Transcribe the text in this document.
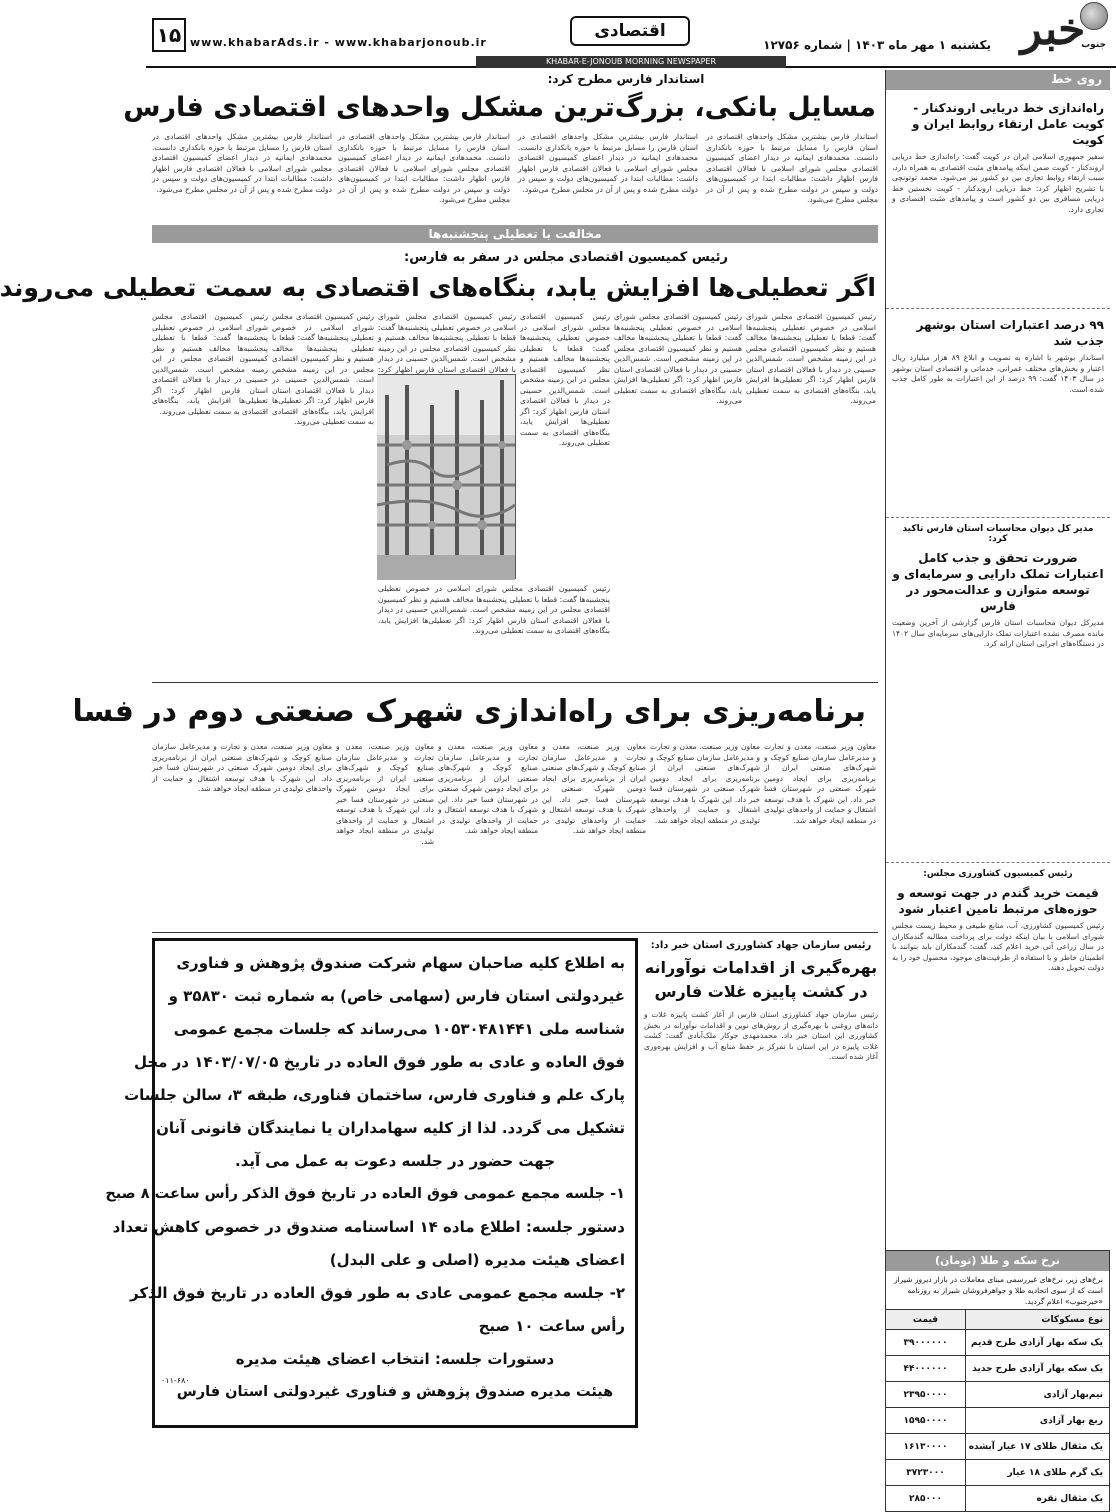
خبر
جنوب
یکشنبه ۱ مهر ماه ۱۴۰۳ | شماره ۱۲۷۵۶
اقتصادی
www.khabarAds.ir - www.khabarjonoub.ir
۱۵
KHABAR-E-JONOUB MORNING NEWSPAPER
روی خط
راه‌اندازی خط دریایی اروندکنار - کویت عامل ارتقاء روابط ایران و کویت
سفیر جمهوری اسلامی ایران در کویت گفت: راه‌اندازی خط دریایی اروندکنار - کویت ضمن اینکه پیامدهای مثبت اقتصادی به همراه دارد، سبب ارتقاء روابط تجاری بین دو کشور نیز می‌شود. محمد توتونچی با تشریح اظهار کرد: خط دریایی اروندکنار - کویت نخستین خط دریایی مسافری بین دو کشور است و پیامدهای مثبت اقتصادی و تجاری دارد.
۹۹ درصد اعتبارات استان بوشهر جذب شد
استاندار بوشهر با اشاره به تصویب و ابلاغ ۸۹ هزار میلیارد ریال اعتبار و بخش‌های مختلف عمرانی، خدماتی و اقتصادی استان بوشهر در سال ۱۴۰۳ گفت: ۹۹ درصد از این اعتبارات به طور کامل جذب شده است.
مدیر کل دیوان محاسبات استان فارس تاکید کرد:
ضرورت تحقق و جذب کامل اعتبارات تملک دارایی و سرمایه‌ای و توسعه متوازن و عدالت‌محور در فارس
مدیرکل دیوان محاسبات استان فارس گزارشی از آخرین وضعیت مانده مصرف نشده اعتبارات تملک دارایی‌های سرمایه‌ای سال ۱۴۰۲ در دستگاه‌های اجرایی استان ارائه کرد.
رئیس کمیسیون کشاورزی مجلس:
قیمت خرید گندم در جهت توسعه و حوزه‌های مرتبط تامین اعتبار شود
رئیس کمیسیون کشاورزی، آب، منابع طبیعی و محیط زیست مجلس شورای اسلامی با بیان اینکه دولت برای پرداخت مطالبه گندمکاران در سال زراعی آتی خرید اعلام کند، گفت: گندمکاران باید بتوانند با اطمینان خاطر و با استفاده از ظرفیت‌های موجود، محصول خود را به دولت تحویل دهند.
نرخ سکه و طلا (تومان)
نرخ‌های زیر، نرخ‌های غیررسمی مبنای معاملات در بازار دیروز شیراز است که از سوی اتحادیه طلا و جواهرفروشان شیراز به روزنامه «خبرجنوب» اعلام گردید.
نوع مسکوکات
قیمت
یک سکه بهار آزادی طرح قدیم
۳۹۰۰۰۰۰۰
یک سکه بهار آزادی طرح جدید
۴۴۰۰۰۰۰۰
نیم‌بهار آزادی
۲۳۹۵۰۰۰۰
ربع بهار آزادی
۱۵۹۵۰۰۰۰
یک مثقال طلای ۱۷ عیار آبشده
۱۶۱۳۰۰۰۰
یک گرم طلای ۱۸ عیار
۳۷۲۳۰۰۰
یک مثقال نقره
۲۸۵۰۰۰
استاندار فارس مطرح کرد:
مسایل بانکی، بزرگ‌ترین مشکل واحدهای اقتصادی فارس
استاندار فارس بیشترین مشکل واحدهای اقتصادی در استان فارس را مسایل مرتبط با حوزه بانکداری دانست. محمدهادی ایمانیه در دیدار اعضای کمیسیون اقتصادی مجلس شورای اسلامی با فعالان اقتصادی فارس اظهار داشت: مطالبات ابتدا در کمیسیون‌های دولت و سپس در دولت مطرح شده و پس از آن در مجلس مطرح می‌شود.
استاندار فارس بیشترین مشکل واحدهای اقتصادی در استان فارس را مسایل مرتبط با حوزه بانکداری دانست. محمدهادی ایمانیه در دیدار اعضای کمیسیون اقتصادی مجلس شورای اسلامی با فعالان اقتصادی فارس اظهار داشت: مطالبات ابتدا در کمیسیون‌های دولت و سپس در دولت مطرح شده و پس از آن در مجلس مطرح می‌شود.
استاندار فارس بیشترین مشکل واحدهای اقتصادی در استان فارس را مسایل مرتبط با حوزه بانکداری دانست. محمدهادی ایمانیه در دیدار اعضای کمیسیون اقتصادی مجلس شورای اسلامی با فعالان اقتصادی فارس اظهار داشت: مطالبات ابتدا در کمیسیون‌های دولت و سپس در دولت مطرح شده و پس از آن در مجلس مطرح می‌شود.
استاندار فارس بیشترین مشکل واحدهای اقتصادی در استان فارس را مسایل مرتبط با حوزه بانکداری دانست. محمدهادی ایمانیه در دیدار اعضای کمیسیون اقتصادی مجلس شورای اسلامی با فعالان اقتصادی فارس اظهار داشت: مطالبات ابتدا در کمیسیون‌های دولت و سپس در دولت مطرح شده و پس از آن در مجلس مطرح می‌شود.
مخالفت با تعطیلی پنجشنبه‌ها
رئیس کمیسیون اقتصادی مجلس در سفر به فارس:
اگر تعطیلی‌ها افزایش یابد، بنگاه‌های اقتصادی به سمت تعطیلی می‌روند
رئیس کمیسیون اقتصادی مجلس شورای اسلامی در خصوص تعطیلی پنجشنبه‌ها گفت: قطعا با تعطیلی پنجشنبه‌ها مخالف هستیم و نظر کمیسیون اقتصادی مجلس در این زمینه مشخص است. شمس‌الدین حسینی در دیدار با فعالان اقتصادی استان فارس اظهار کرد: اگر تعطیلی‌ها افزایش یابد، بنگاه‌های اقتصادی به سمت تعطیلی می‌روند.
رئیس کمیسیون اقتصادی مجلس شورای اسلامی در خصوص تعطیلی پنجشنبه‌ها گفت: قطعا با تعطیلی پنجشنبه‌ها مخالف هستیم و نظر کمیسیون اقتصادی مجلس در این زمینه مشخص است. شمس‌الدین حسینی در دیدار با فعالان اقتصادی استان فارس اظهار کرد: اگر تعطیلی‌ها افزایش یابد، بنگاه‌های اقتصادی به سمت تعطیلی می‌روند.
رئیس کمیسیون اقتصادی مجلس شورای اسلامی در خصوص تعطیلی پنجشنبه‌ها گفت: قطعا با تعطیلی پنجشنبه‌ها مخالف هستیم و نظر کمیسیون اقتصادی مجلس در این زمینه مشخص است. شمس‌الدین حسینی در دیدار با فعالان اقتصادی استان فارس اظهار کرد: اگر تعطیلی‌ها افزایش یابد، بنگاه‌های اقتصادی به سمت تعطیلی می‌روند.
رئیس کمیسیون اقتصادی مجلس شورای اسلامی در خصوص تعطیلی پنجشنبه‌ها گفت: قطعا با تعطیلی پنجشنبه‌ها مخالف هستیم و نظر کمیسیون اقتصادی مجلس در این زمینه مشخص است. شمس‌الدین حسینی در دیدار با فعالان اقتصادی استان فارس اظهار کرد:
رئیس کمیسیون اقتصادی مجلس شورای اسلامی در خصوص تعطیلی پنجشنبه‌ها گفت: قطعا با تعطیلی پنجشنبه‌ها مخالف هستیم و نظر کمیسیون اقتصادی مجلس در این زمینه مشخص است. شمس‌الدین حسینی در دیدار با فعالان اقتصادی استان فارس اظهار کرد: اگر تعطیلی‌ها افزایش یابد، بنگاه‌های اقتصادی به سمت تعطیلی می‌روند.
رئیس کمیسیون اقتصادی مجلس شورای اسلامی در خصوص تعطیلی پنجشنبه‌ها گفت: قطعا با تعطیلی پنجشنبه‌ها مخالف هستیم و نظر کمیسیون اقتصادی مجلس در این زمینه مشخص است. شمس‌الدین حسینی در دیدار با فعالان اقتصادی استان فارس اظهار کرد: اگر تعطیلی‌ها افزایش یابد، بنگاه‌های اقتصادی به سمت تعطیلی می‌روند.
رئیس کمیسیون اقتصادی مجلس شورای اسلامی در خصوص تعطیلی پنجشنبه‌ها گفت: قطعا با تعطیلی پنجشنبه‌ها مخالف هستیم و نظر کمیسیون اقتصادی مجلس در این زمینه مشخص است. شمس‌الدین حسینی در دیدار با فعالان اقتصادی استان فارس اظهار کرد: اگر تعطیلی‌ها افزایش یابد، بنگاه‌های اقتصادی به سمت تعطیلی می‌روند.
برنامه‌ریزی برای راه‌اندازی شهرک صنعتی دوم در فسا
معاون وزیر صنعت، معدن و تجارت و مدیرعامل سازمان صنایع کوچک و شهرک‌های صنعتی ایران از برنامه‌ریزی برای ایجاد دومین شهرک صنعتی در شهرستان فسا خبر داد. این شهرک با هدف توسعه اشتغال و حمایت از واحدهای تولیدی در منطقه ایجاد خواهد شد.
معاون وزیر صنعت، معدن و تجارت و مدیرعامل سازمان صنایع کوچک و شهرک‌های صنعتی ایران از برنامه‌ریزی برای ایجاد دومین شهرک صنعتی در شهرستان فسا خبر داد. این شهرک با هدف توسعه اشتغال و حمایت از واحدهای تولیدی در منطقه ایجاد خواهد شد.
معاون وزیر صنعت، معدن و تجارت و مدیرعامل سازمان صنایع کوچک و شهرک‌های صنعتی ایران از برنامه‌ریزی برای ایجاد دومین شهرک صنعتی در شهرستان فسا خبر داد. این شهرک با هدف توسعه اشتغال و حمایت از واحدهای تولیدی در منطقه ایجاد خواهد شد.
معاون وزیر صنعت، معدن و تجارت و مدیرعامل سازمان صنایع کوچک و شهرک‌های صنعتی ایران از برنامه‌ریزی برای ایجاد دومین شهرک صنعتی در شهرستان فسا خبر داد. این شهرک با هدف توسعه اشتغال و حمایت از واحدهای تولیدی در منطقه ایجاد خواهد شد.
معاون وزیر صنعت، معدن و تجارت و مدیرعامل سازمان صنایع کوچک و شهرک‌های صنعتی ایران از برنامه‌ریزی برای ایجاد دومین شهرک صنعتی در شهرستان فسا خبر داد. این شهرک با هدف توسعه اشتغال و حمایت از واحدهای تولیدی در منطقه ایجاد خواهد شد.
معاون وزیر صنعت، معدن و تجارت و مدیرعامل سازمان صنایع کوچک و شهرک‌های صنعتی ایران از برنامه‌ریزی برای ایجاد دومین شهرک صنعتی در شهرستان فسا خبر داد. این شهرک با هدف توسعه اشتغال و حمایت از واحدهای تولیدی در منطقه ایجاد خواهد شد.
رئیس سازمان جهاد کشاورزی استان خبر داد:
بهره‌گیری از اقدامات نوآورانه در کشت پاییزه غلات فارس
رئیس سازمان جهاد کشاورزی استان فارس از آغاز کشت پاییزه غلات و دانه‌های روغنی با بهره‌گیری از روش‌های نوین و اقدامات نوآورانه در بخش کشاورزی این استان خبر داد. محمدمهدی جوکار ملک‌آبادی گفت: کشت غلات پاییزه در این استان با تمرکز بر حفظ منابع آب و افزایش بهره‌وری آغاز شده است.
به اطلاع کلیه صاحبان سهام شرکت صندوق پژوهش و فناوری
غیردولتی استان فارس (سهامی خاص) به شماره ثبت ۳۵۸۳۰ و
شناسه ملی ۱۰۵۳۰۴۸۱۴۴۱ می‌رساند که جلسات مجمع عمومی
فوق العاده و عادی به طور فوق العاده در تاریخ ۱۴۰۳/۰۷/۰۵ در محل
پارک علم و فناوری فارس، ساختمان فناوری، طبقه ۳، سالن جلسات
تشکیل می گردد. لذا از کلیه سهامداران یا نمایندگان قانونی آنان
جهت حضور در جلسه دعوت به عمل می آید.
۱- جلسه مجمع عمومی فوق العاده در تاریخ فوق الذکر رأس ساعت ۸ صبح
دستور جلسه: اطلاع ماده ۱۴ اساسنامه صندوق در خصوص کاهش تعداد
اعضای هیئت مدیره (اصلی و علی البدل)
۲- جلسه مجمع عمومی عادی به طور فوق العاده در تاریخ فوق الذکر
رأس ساعت ۱۰ صبح
دستورات جلسه: انتخاب اعضای هیئت مدیره
هیئت مدیره صندوق پژوهش و فناوری غیردولتی استان فارس
۰۱۱-۶۸۰
